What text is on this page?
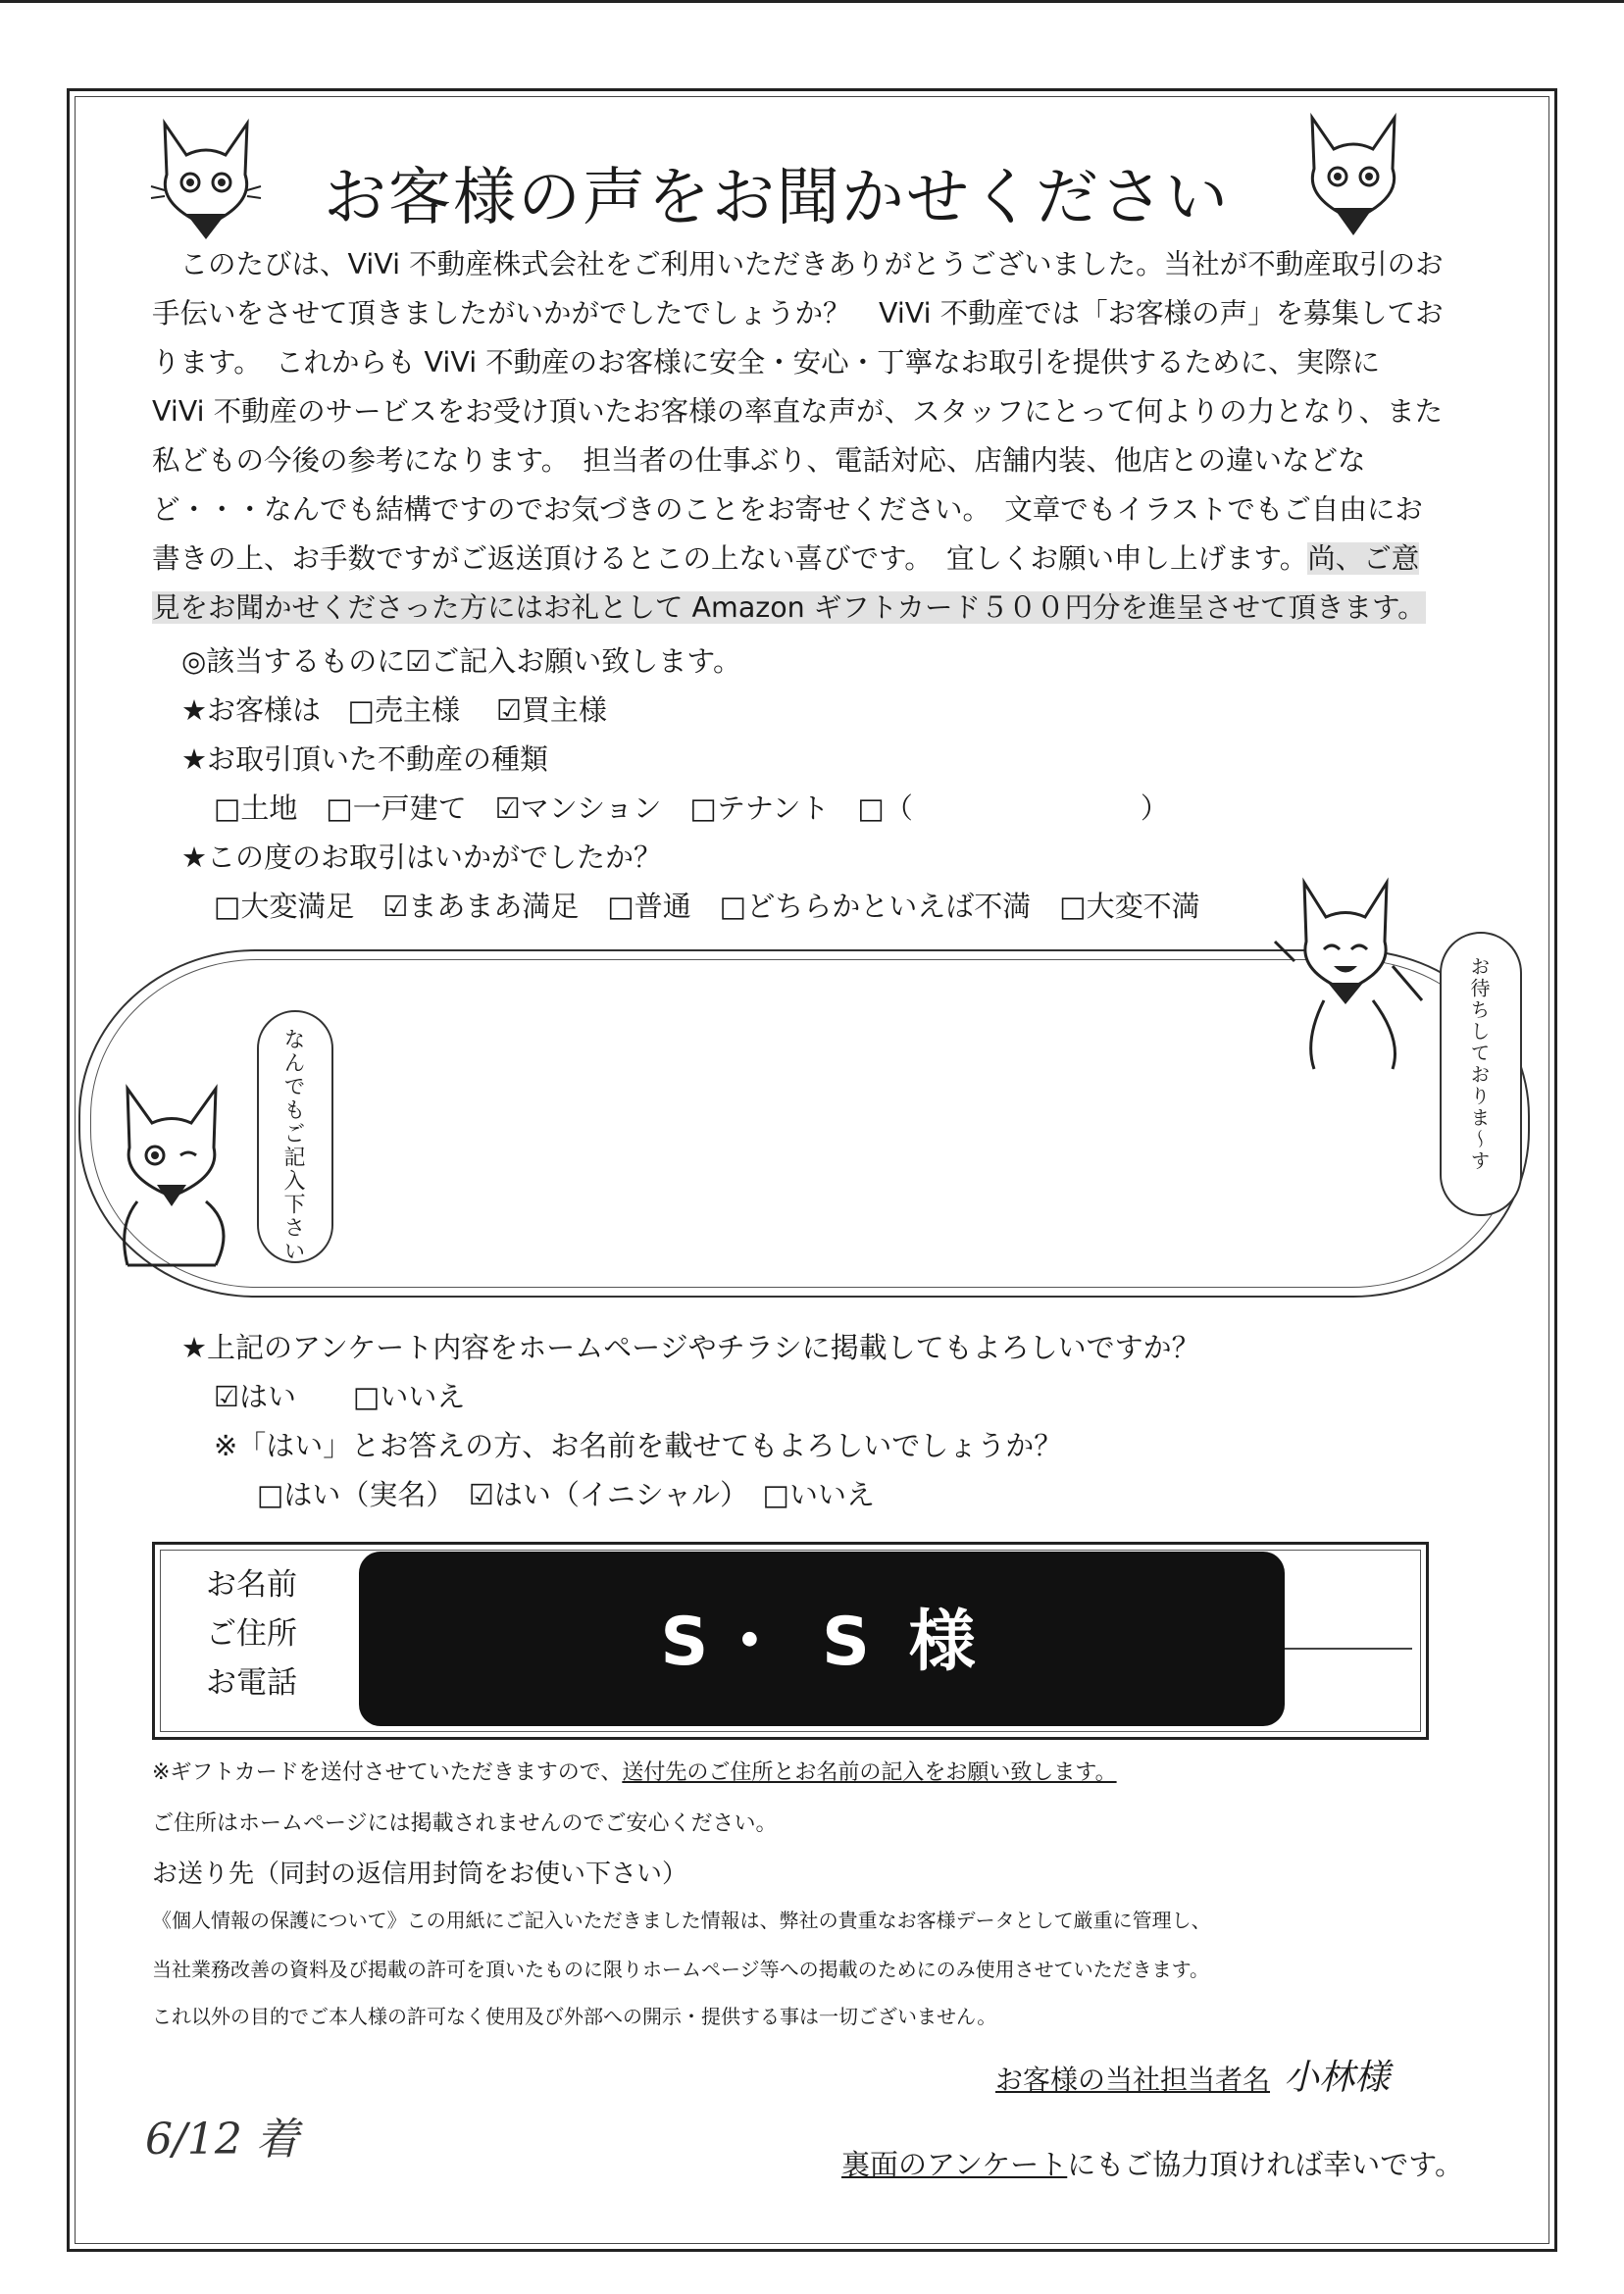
お客様の声をお聞かせください

　このたびは、ViVi 不動産株式会社をご利用いただきありがとうございました。当社が不動産取引のお

手伝いをさせて頂きましたがいかがでしたでしょうか？　ViVi 不動産では「お客様の声」を募集してお

ります。　これからも ViVi 不動産のお客様に安全・安心・丁寧なお取引を提供するために、実際に

ViVi 不動産のサービスをお受け頂いたお客様の率直な声が、スタッフにとって何よりの力となり、また

私どもの今後の参考になります。　担当者の仕事ぶり、電話対応、店舗内装、他店との違いなどな

ど・・・なんでも結構ですのでお気づきのことをお寄せください。　文章でもイラストでもご自由にお

書きの上、お手数ですがご返送頂けるとこの上ない喜びです。　宜しくお願い申し上げます。尚、ご意

見をお聞かせくださった方にはお礼として Amazon ギフトカード５００円分を進呈させて頂きます。

◎該当するものに☑ご記入お願い致します。
★お客様は □売主様 ☑買主様
★お取引頂いた不動産の種類
□土地　□一戸建て　☑マンション　□テナント　□（　　　　　　　　）
★この度のお取引はいかがでしたか？
□大変満足　☑まあまあ満足　□普通　□どちらかといえば不満　□大変不満
なんでもご記入下さい	お待ちしておりま～す
★上記のアンケート内容をホームページやチラシに掲載してもよろしいですか？
☑はい　　□いいえ
※「はい」とお答えの方、お名前を載せてもよろしいでしょうか？
□はい（実名）　☑はい（イニシャル）　□いいえ
お名前
ご住所
お電話
S・ S 様
※ギフトカードを送付させていただきますので、送付先のご住所とお名前の記入をお願い致します。
ご住所はホームページには掲載されませんのでご安心ください。
お送り先（同封の返信用封筒をお使い下さい）
《個人情報の保護について》この用紙にご記入いただきました情報は、弊社の貴重なお客様データとして厳重に管理し、
当社業務改善の資料及び掲載の許可を頂いたものに限りホームページ等への掲載のためにのみ使用させていただきます。
これ以外の目的でご本人様の許可なく使用及び外部への開示・提供する事は一切ございません。
お客様の当社担当者名 小林様
6/12 着	裏面のアンケートにもご協力頂ければ幸いです。
